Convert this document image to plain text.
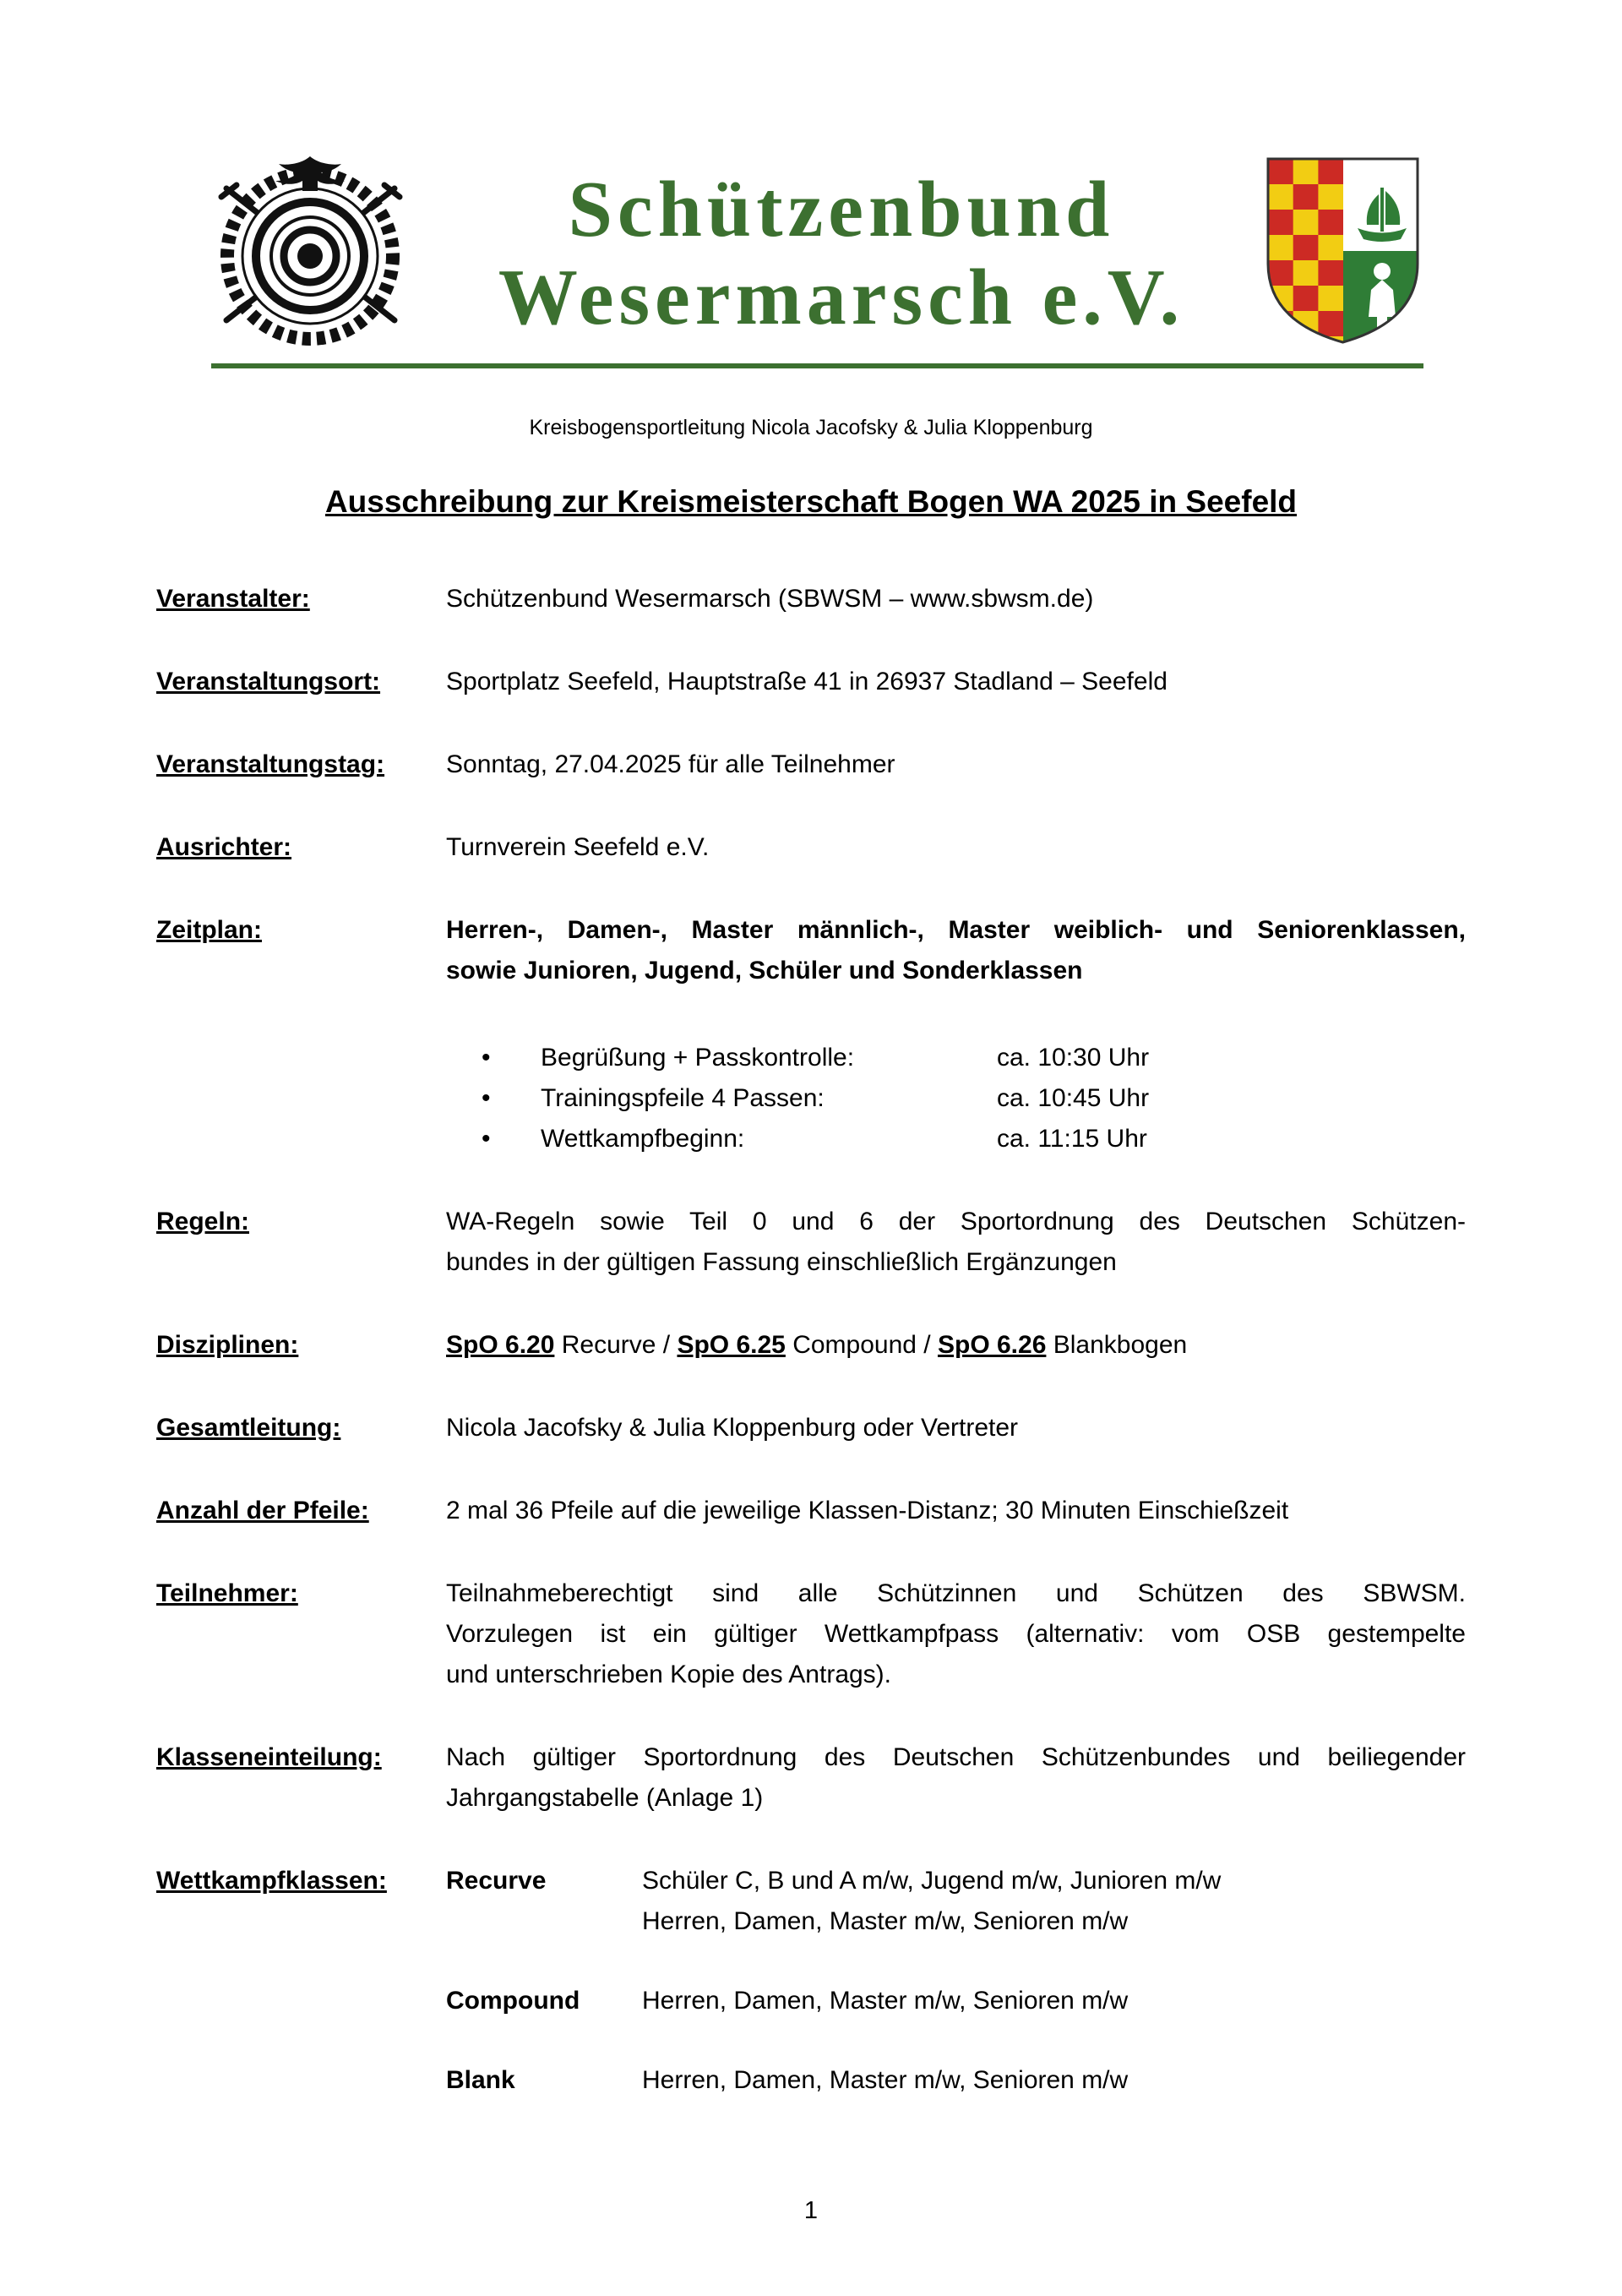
Schützenbund
Wesermarsch e.V.
Kreisbogensportleitung Nicola Jacofsky & Julia Kloppenburg
Ausschreibung zur Kreismeisterschaft Bogen WA 2025 in Seefeld
Veranstalter:	Schützenbund Wesermarsch (SBWSM – www.sbwsm.de)
Veranstaltungsort:	Sportplatz Seefeld, Hauptstraße 41 in 26937 Stadland – Seefeld
Veranstaltungstag:	Sonntag, 27.04.2025 für alle Teilnehmer
Ausrichter:	Turnverein Seefeld e.V.
Zeitplan:	Herren-, Damen-, Master männlich-, Master weiblich- und Seniorenklassen,
sowie Junioren, Jugend, Schüler und Sonderklassen
•
Begrüßung + Passkontrolle:	ca. 10:30 Uhr
•
Trainingspfeile 4 Passen:	ca. 10:45 Uhr
•
Wettkampfbeginn:	ca. 11:15 Uhr
Regeln:	WA-Regeln sowie Teil 0 und 6 der Sportordnung des Deutschen Schützen-
bundes in der gültigen Fassung einschließlich Ergänzungen
Disziplinen:	SpO 6.20 Recurve / SpO 6.25 Compound / SpO 6.26 Blankbogen
Gesamtleitung:	Nicola Jacofsky & Julia Kloppenburg oder Vertreter
Anzahl der Pfeile:	2 mal 36 Pfeile auf die jeweilige Klassen-Distanz; 30 Minuten Einschießzeit
Teilnehmer:	Teilnahmeberechtigt sind alle Schützinnen und Schützen des SBWSM.
Vorzulegen ist ein gültiger Wettkampfpass (alternativ: vom OSB gestempelte
und unterschrieben Kopie des Antrags).
Klasseneinteilung:	Nach gültiger Sportordnung des Deutschen Schützenbundes und beiliegender
Jahrgangstabelle (Anlage 1)
Wettkampfklassen:	Recurve	Schüler C, B und A m/w, Jugend m/w, Junioren m/w
Herren, Damen, Master m/w, Senioren m/w
Compound	Herren, Damen, Master m/w, Senioren m/w
Blank	Herren, Damen, Master m/w, Senioren m/w
1
